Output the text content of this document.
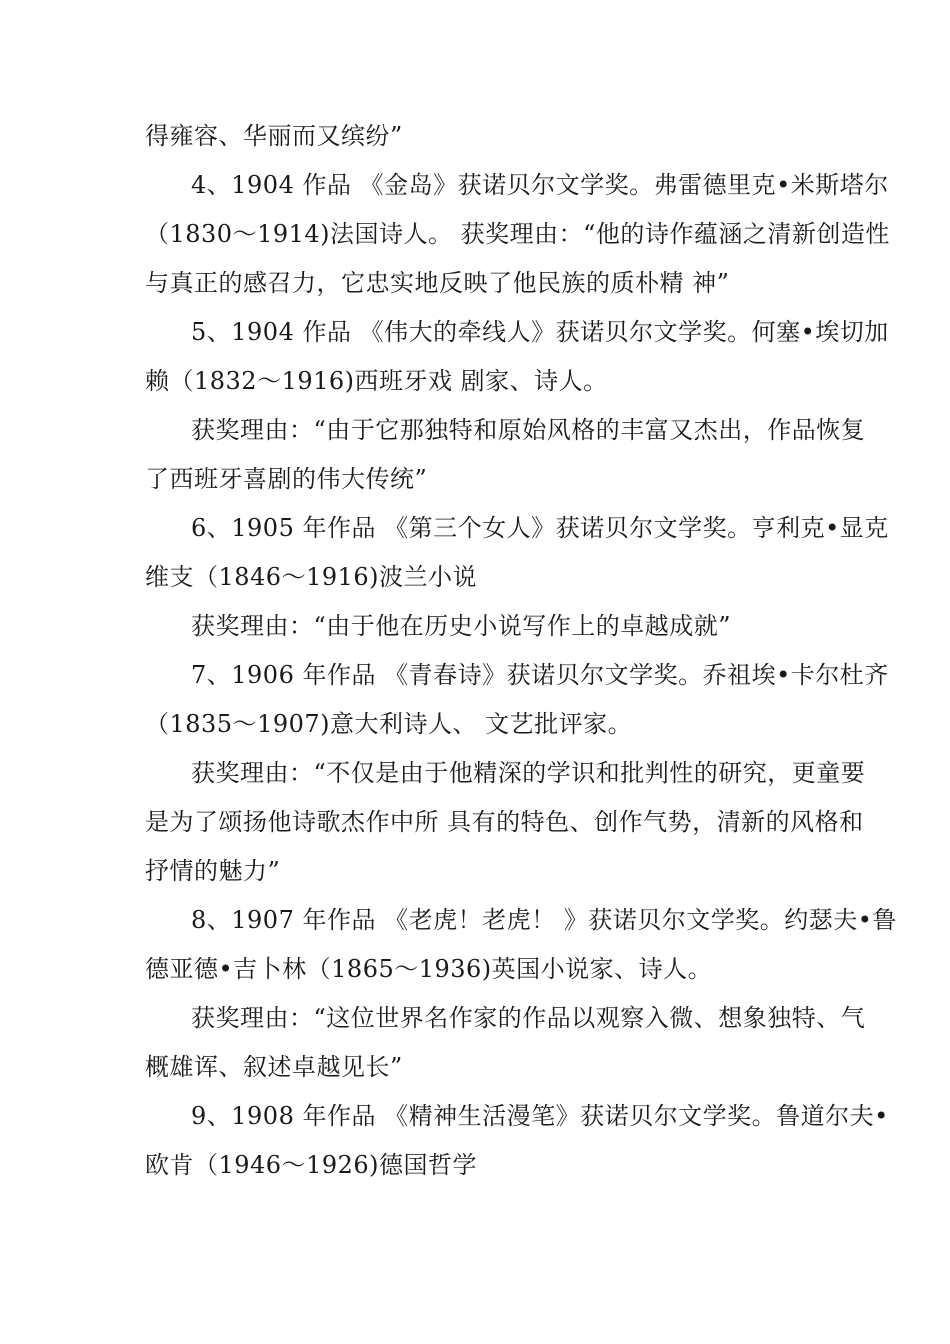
得雍容、华丽而又缤纷”
4、1904 作品 《金岛》获诺贝尔文学奖。弗雷德里克•米斯塔尔
（1830～1914)法国诗人。 获奖理由：“他的诗作蕴涵之清新创造性
与真正的感召力，它忠实地反映了他民族的质朴精 神”
5、1904 作品 《伟大的牵线人》获诺贝尔文学奖。何塞•埃切加
赖（1832～1916)西班牙戏 剧家、诗人。
获奖理由：“由于它那独特和原始风格的丰富又杰出，作品恢复
了西班牙喜剧的伟大传统”
6、1905 年作品 《第三个女人》获诺贝尔文学奖。亨利克•显克
维支（1846～1916)波兰小说
获奖理由：“由于他在历史小说写作上的卓越成就”
7、1906 年作品 《青春诗》获诺贝尔文学奖。乔祖埃•卡尔杜齐
（1835～1907)意大利诗人、 文艺批评家。
获奖理由：“不仅是由于他精深的学识和批判性的研究，更童要
是为了颂扬他诗歌杰作中所 具有的特色、创作气势，清新的风格和
抒情的魅力”
8、1907 年作品 《老虎！老虎！ 》获诺贝尔文学奖。约瑟夫•鲁
德亚德•吉卜林（1865～1936)英国小说家、诗人。
获奖理由：“这位世界名作家的作品以观察入微、想象独特、气
概雄诨、叙述卓越见长”
9、1908 年作品 《精神生活漫笔》获诺贝尔文学奖。鲁道尔夫•
欧肯（1946～1926)德国哲学
